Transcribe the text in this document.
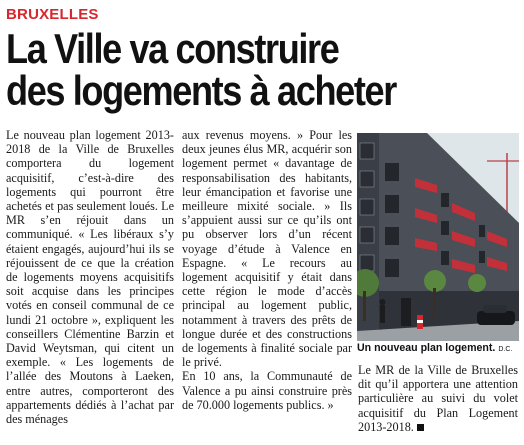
BRUXELLES
La Ville va construire
des logements à acheter

Le nouveau plan logement 2013-2018 de la Ville de Bruxelles comportera du logement acquisitif, c’est-à-dire des logements qui pourront être achetés et pas seulement loués. Le MR s’en réjouit dans un communiqué. « Les libéraux s’y étaient engagés, aujourd’hui ils se réjouissent de ce que la création de logements moyens acquisitifs soit acquise dans les principes votés en conseil communal de ce lundi 21 octobre », expliquent les conseillers Clémentine Barzin et David Weytsman, qui citent un exemple. « Les logements de l’allée des Moutons à Laeken, entre autres, comporteront des appartements dédiés à l’achat par des ménages

aux revenus moyens. » Pour les deux jeunes élus MR, acquérir son logement permet « davantage de responsabilisation des habitants, leur émancipation et favorise une meilleure mixité sociale. » Ils s’appuient aussi sur ce qu’ils ont pu observer lors d’un récent voyage d’étude à Valence en Espagne. « Le recours au logement acquisitif y était dans cette région le mode d’accès principal au logement public, notamment à travers des prêts de longue durée et des constructions de logements à finalité sociale par le privé.

En 10 ans, la Communauté de Valence a pu ainsi construire près de 70.000 logements publics. »

Un nouveau plan logement. D.C.
Le MR de la Ville de Bruxelles dit qu’il apportera une attention particulière au suivi du volet acquisitif du Plan Logement 2013-2018.
